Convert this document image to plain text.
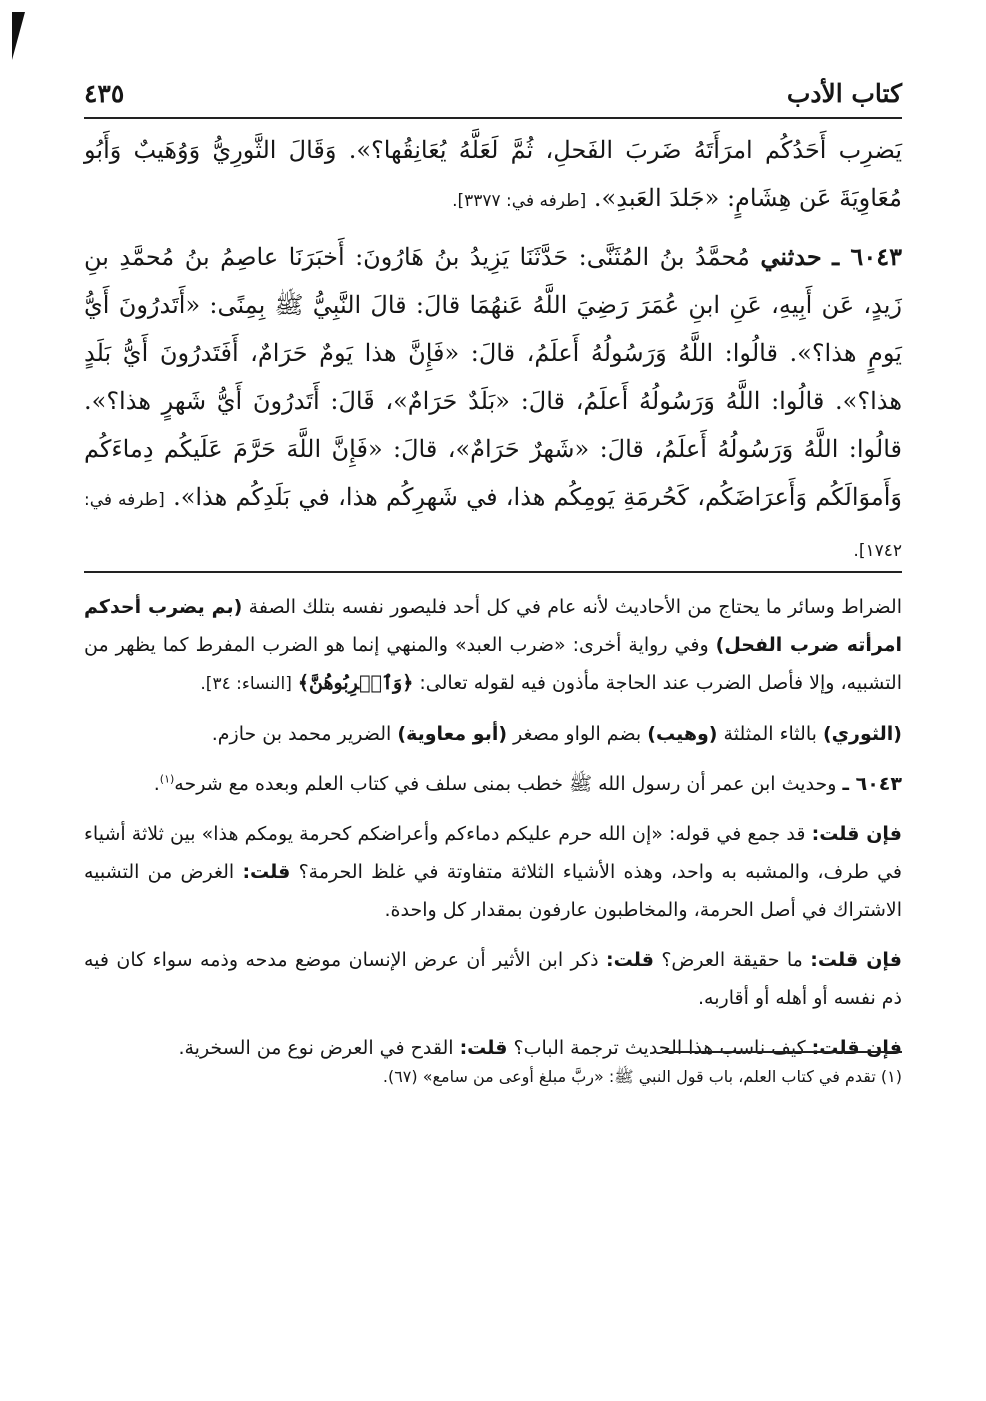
كتاب الأدب
٤٣٥

يَضرِب أَحَدُكُم امرَأَتَهُ ضَربَ الفَحلِ، ثُمَّ لَعَلَّهُ يُعَانِقُها؟». وَقَالَ الثَّورِيُّ وَوُهَيبٌ وَأَبُو مُعَاوِيَةَ عَن هِشَامٍ: «جَلدَ العَبدِ». [طرفه في: ٣٣٧٧].

٦٠٤٣ ـ حدثني مُحمَّدُ بنُ المُثَنَّى: حَدَّثَنَا يَزِيدُ بنُ هَارُونَ: أَخبَرَنَا عاصِمُ بنُ مُحمَّدِ بنِ زَيدٍ، عَن أَبِيهِ، عَنِ ابنِ عُمَرَ رَضِيَ اللَّهُ عَنهُمَا قالَ: قالَ النَّبِيُّ ﷺ بِمِنًى: «أَتَدرُونَ أَيُّ يَومٍ هذا؟». قالُوا: اللَّهُ وَرَسُولُهُ أَعلَمُ، قالَ: «فَإِنَّ هذا يَومٌ حَرَامٌ، أَفَتَدرُونَ أَيُّ بَلَدٍ هذا؟». قالُوا: اللَّهُ وَرَسُولُهُ أَعلَمُ، قالَ: «بَلَدٌ حَرَامٌ»، قَالَ: أَتَدرُونَ أَيُّ شَهرٍ هذا؟». قالُوا: اللَّهُ وَرَسُولُهُ أَعلَمُ، قالَ: «شَهرٌ حَرَامٌ»، قالَ: «فَإِنَّ اللَّهَ حَرَّمَ عَلَيكُم دِماءَكُم وَأَموَالَكُم وَأَعرَاضَكُم، كَحُرمَةِ يَومِكُم هذا، في شَهرِكُم هذا، في بَلَدِكُم هذا». [طرفه في: ١٧٤٢].

الضراط وسائر ما يحتاج من الأحاديث لأنه عام في كل أحد فليصور نفسه بتلك الصفة (بم يضرب أحدكم امرأته ضرب الفحل) وفي رواية أخرى: «ضرب العبد» والمنهي إنما هو الضرب المفرط كما يظهر من التشبيه، وإلا فأصل الضرب عند الحاجة مأذون فيه لقوله تعالى: ﴿وَٱضۡرِبُوهُنَّ﴾ [النساء: ٣٤].

(الثوري) بالثاء المثلثة (وهيب) بضم الواو مصغر (أبو معاوية) الضرير محمد بن حازم.

٦٠٤٣ ـ وحديث ابن عمر أن رسول الله ﷺ خطب بمنى سلف في كتاب العلم وبعده مع شرحه$^{(١)}$.

فإن قلت: قد جمع في قوله: «إن الله حرم عليكم دماءكم وأعراضكم كحرمة يومكم هذا» بين ثلاثة أشياء في طرف، والمشبه به واحد، وهذه الأشياء الثلاثة متفاوتة في غلظ الحرمة؟ قلت: الغرض من التشبيه الاشتراك في أصل الحرمة، والمخاطبون عارفون بمقدار كل واحدة.

فإن قلت: ما حقيقة العرض؟ قلت: ذكر ابن الأثير أن عرض الإنسان موضع مدحه وذمه سواء كان فيه ذم نفسه أو أهله أو أقاربه.

فإن قلت: كيف ناسب هذا الحديث ترجمة الباب؟ قلت: القدح في العرض نوع من السخرية.

(١) تقدم في كتاب العلم، باب قول النبي ﷺ: «ربَّ مبلغ أوعى من سامع» (٦٧).
